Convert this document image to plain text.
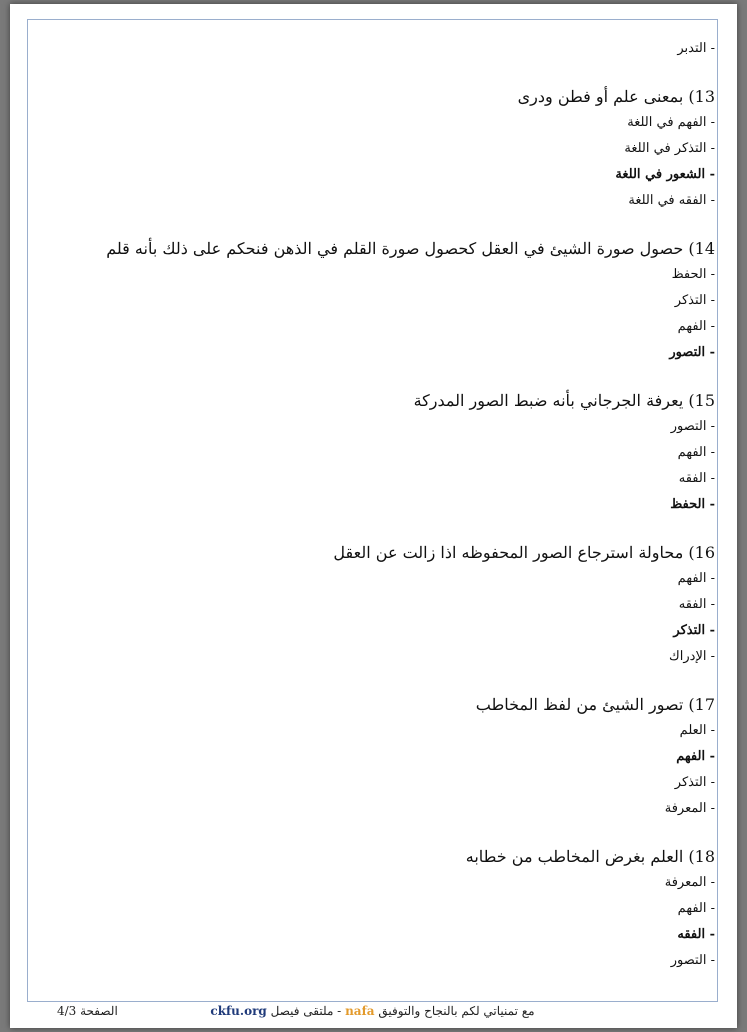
- التدبر
13) بمعنى علم أو فطن ودرى
- الفهم في اللغة
- التذكر في اللغة
- الشعور في اللغة
- الفقه في اللغة
14) حصول صورة الشيئ في العقل كحصول صورة القلم في الذهن فنحكم على ذلك بأنه قلم
- الحفظ
- التذكر
- الفهم
- التصور
15) يعرفة الجرجاني بأنه ضبط الصور المدركة
- التصور
- الفهم
- الفقه
- الحفظ
16) محاولة استرجاع الصور المحفوظه اذا زالت عن العقل
- الفهم
- الفقه
- التذكر
- الإدراك
17) تصور الشيئ من لفظ المخاطب
- العلم
- الفهم
- التذكر
- المعرفة
18) العلم بغرض المخاطب من خطابه
- المعرفة
- الفهم
- الفقه
- التصور
الصفحة 4/3	مع تمنياتي لكم بالنجاح والتوفيق nafa - ملتقى فيصل ckfu.org
